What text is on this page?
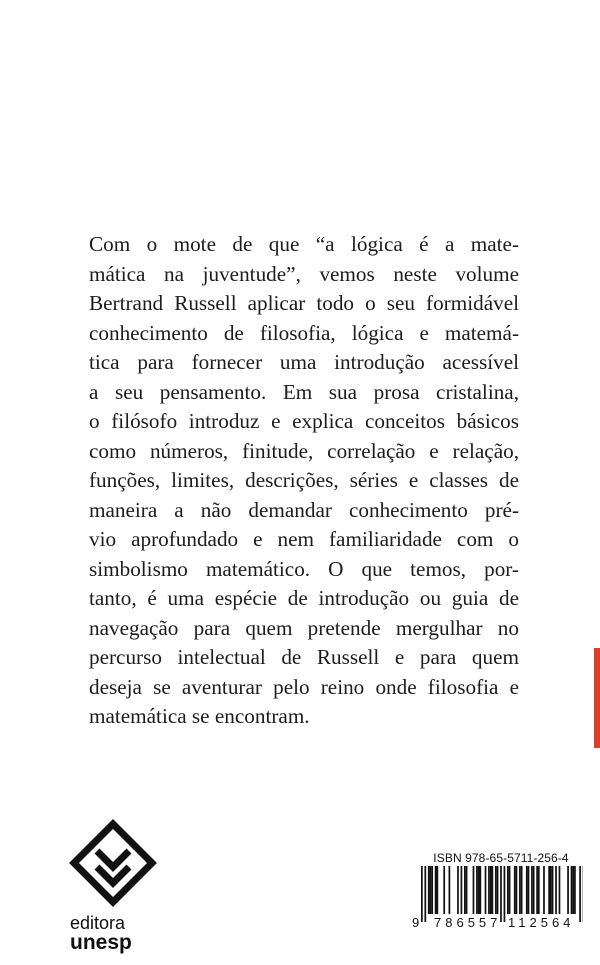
Com o mote de que “a lógica é a mate-
mática na juventude”, vemos neste volume
Bertrand Russell aplicar todo o seu formidável
conhecimento de filosofia, lógica e matemá-
tica para fornecer uma introdução acessível
a seu pensamento. Em sua prosa cristalina,
o filósofo introduz e explica conceitos básicos
como números, finitude, correlação e relação,
funções, limites, descrições, séries e classes de
maneira a não demandar conhecimento pré-
vio aprofundado e nem familiaridade com o
simbolismo matemático. O que temos, por-
tanto, é uma espécie de introdução ou guia de
navegação para quem pretende mergulhar no
percurso intelectual de Russell e para quem
deseja se aventurar pelo reino onde filosofia e
matemática se encontram.
editora
unesp
ISBN 978-65-5711-256-4
9 786557 112564
